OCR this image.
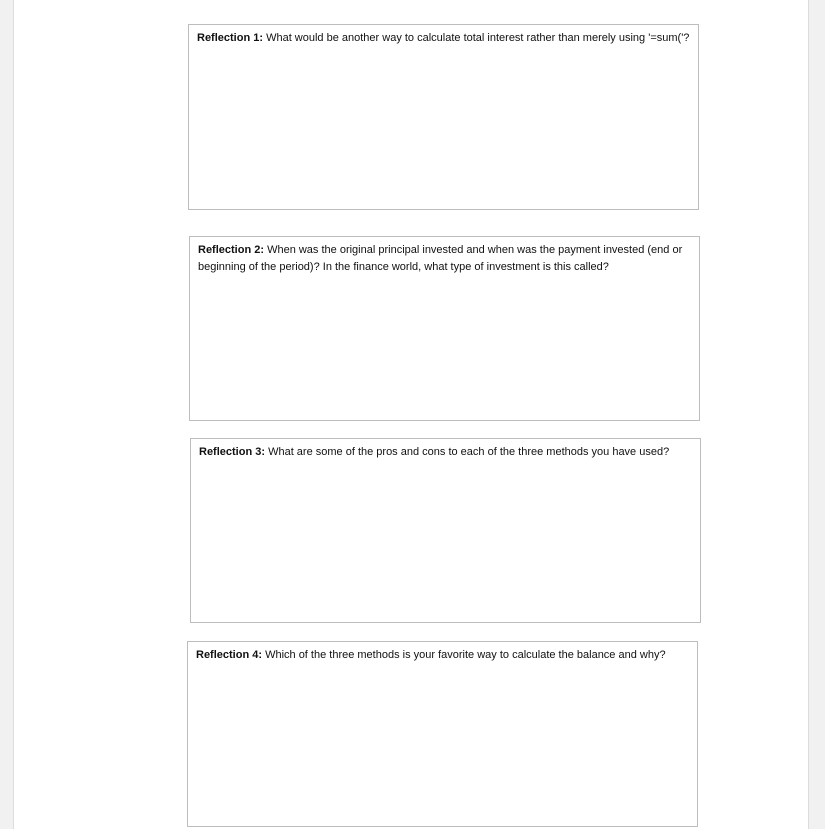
Reflection 1: What would be another way to calculate total interest rather than merely using '=sum('?
Reflection 2: When was the original principal invested and when was the payment invested (end or beginning of the period)? In the finance world, what type of investment is this called?
Reflection 3: What are some of the pros and cons to each of the three methods you have used?
Reflection 4: Which of the three methods is your favorite way to calculate the balance and why?
